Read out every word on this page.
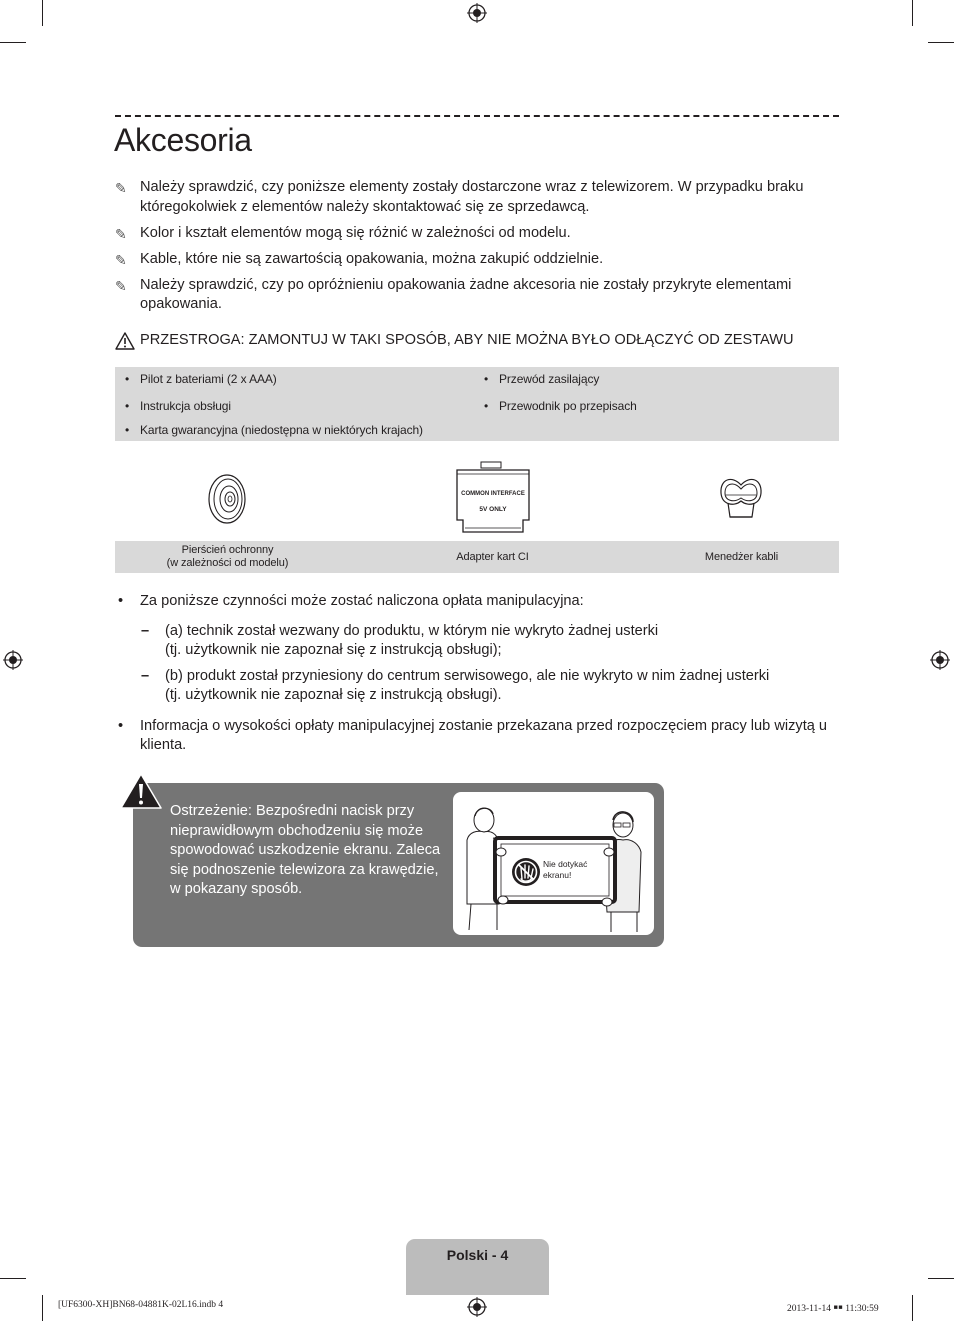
Akcesoria
✎ Należy sprawdzić, czy poniższe elementy zostały dostarczone wraz z telewizorem. W przypadku braku któregokolwiek z elementów należy skontaktować się ze sprzedawcą.
✎ Kolor i kształt elementów mogą się różnić w zależności od modelu.
✎ Kable, które nie są zawartością opakowania, można zakupić oddzielnie.
✎ Należy sprawdzić, czy po opróżnieniu opakowania żadne akcesoria nie zostały przykryte elementami opakowania.
PRZESTROGA: ZAMONTUJ W TAKI SPOSÓB, ABY NIE MOŻNA BYŁO ODŁĄCZYĆ OD ZESTAWU
• Pilot z bateriami (2 x AAA)
• Instrukcja obsługi
• Karta gwarancyjna (niedostępna w niektórych krajach)
• Przewód zasilający
• Przewodnik po przepisach
COMMON INTERFACE
5V ONLY
Pierścień ochronny
(w zależności od modelu)
Adapter kart CI	Menedżer kabli
• Za poniższe czynności może zostać naliczona opłata manipulacyjna:
– (a) technik został wezwany do produktu, w którym nie wykryto żadnej usterki
(tj. użytkownik nie zapoznał się z instrukcją obsługi);
– (b) produkt został przyniesiony do centrum serwisowego, ale nie wykryto w nim żadnej usterki
(tj. użytkownik nie zapoznał się z instrukcją obsługi).
• Informacja o wysokości opłaty manipulacyjnej zostanie przekazana przed rozpoczęciem pracy lub wizytą u klienta.
Ostrzeżenie: Bezpośredni nacisk przy nieprawidłowym obchodzeniu się może spowodować uszkodzenie ekranu. Zaleca się podnoszenie telewizora za krawędzie, w pokazany sposób.
Nie dotykać
ekranu!
Polski - 4
[UF6300-XH]BN68-04881K-02L16.indb 4	2013-11-14 ￭￭ 11:30:59
